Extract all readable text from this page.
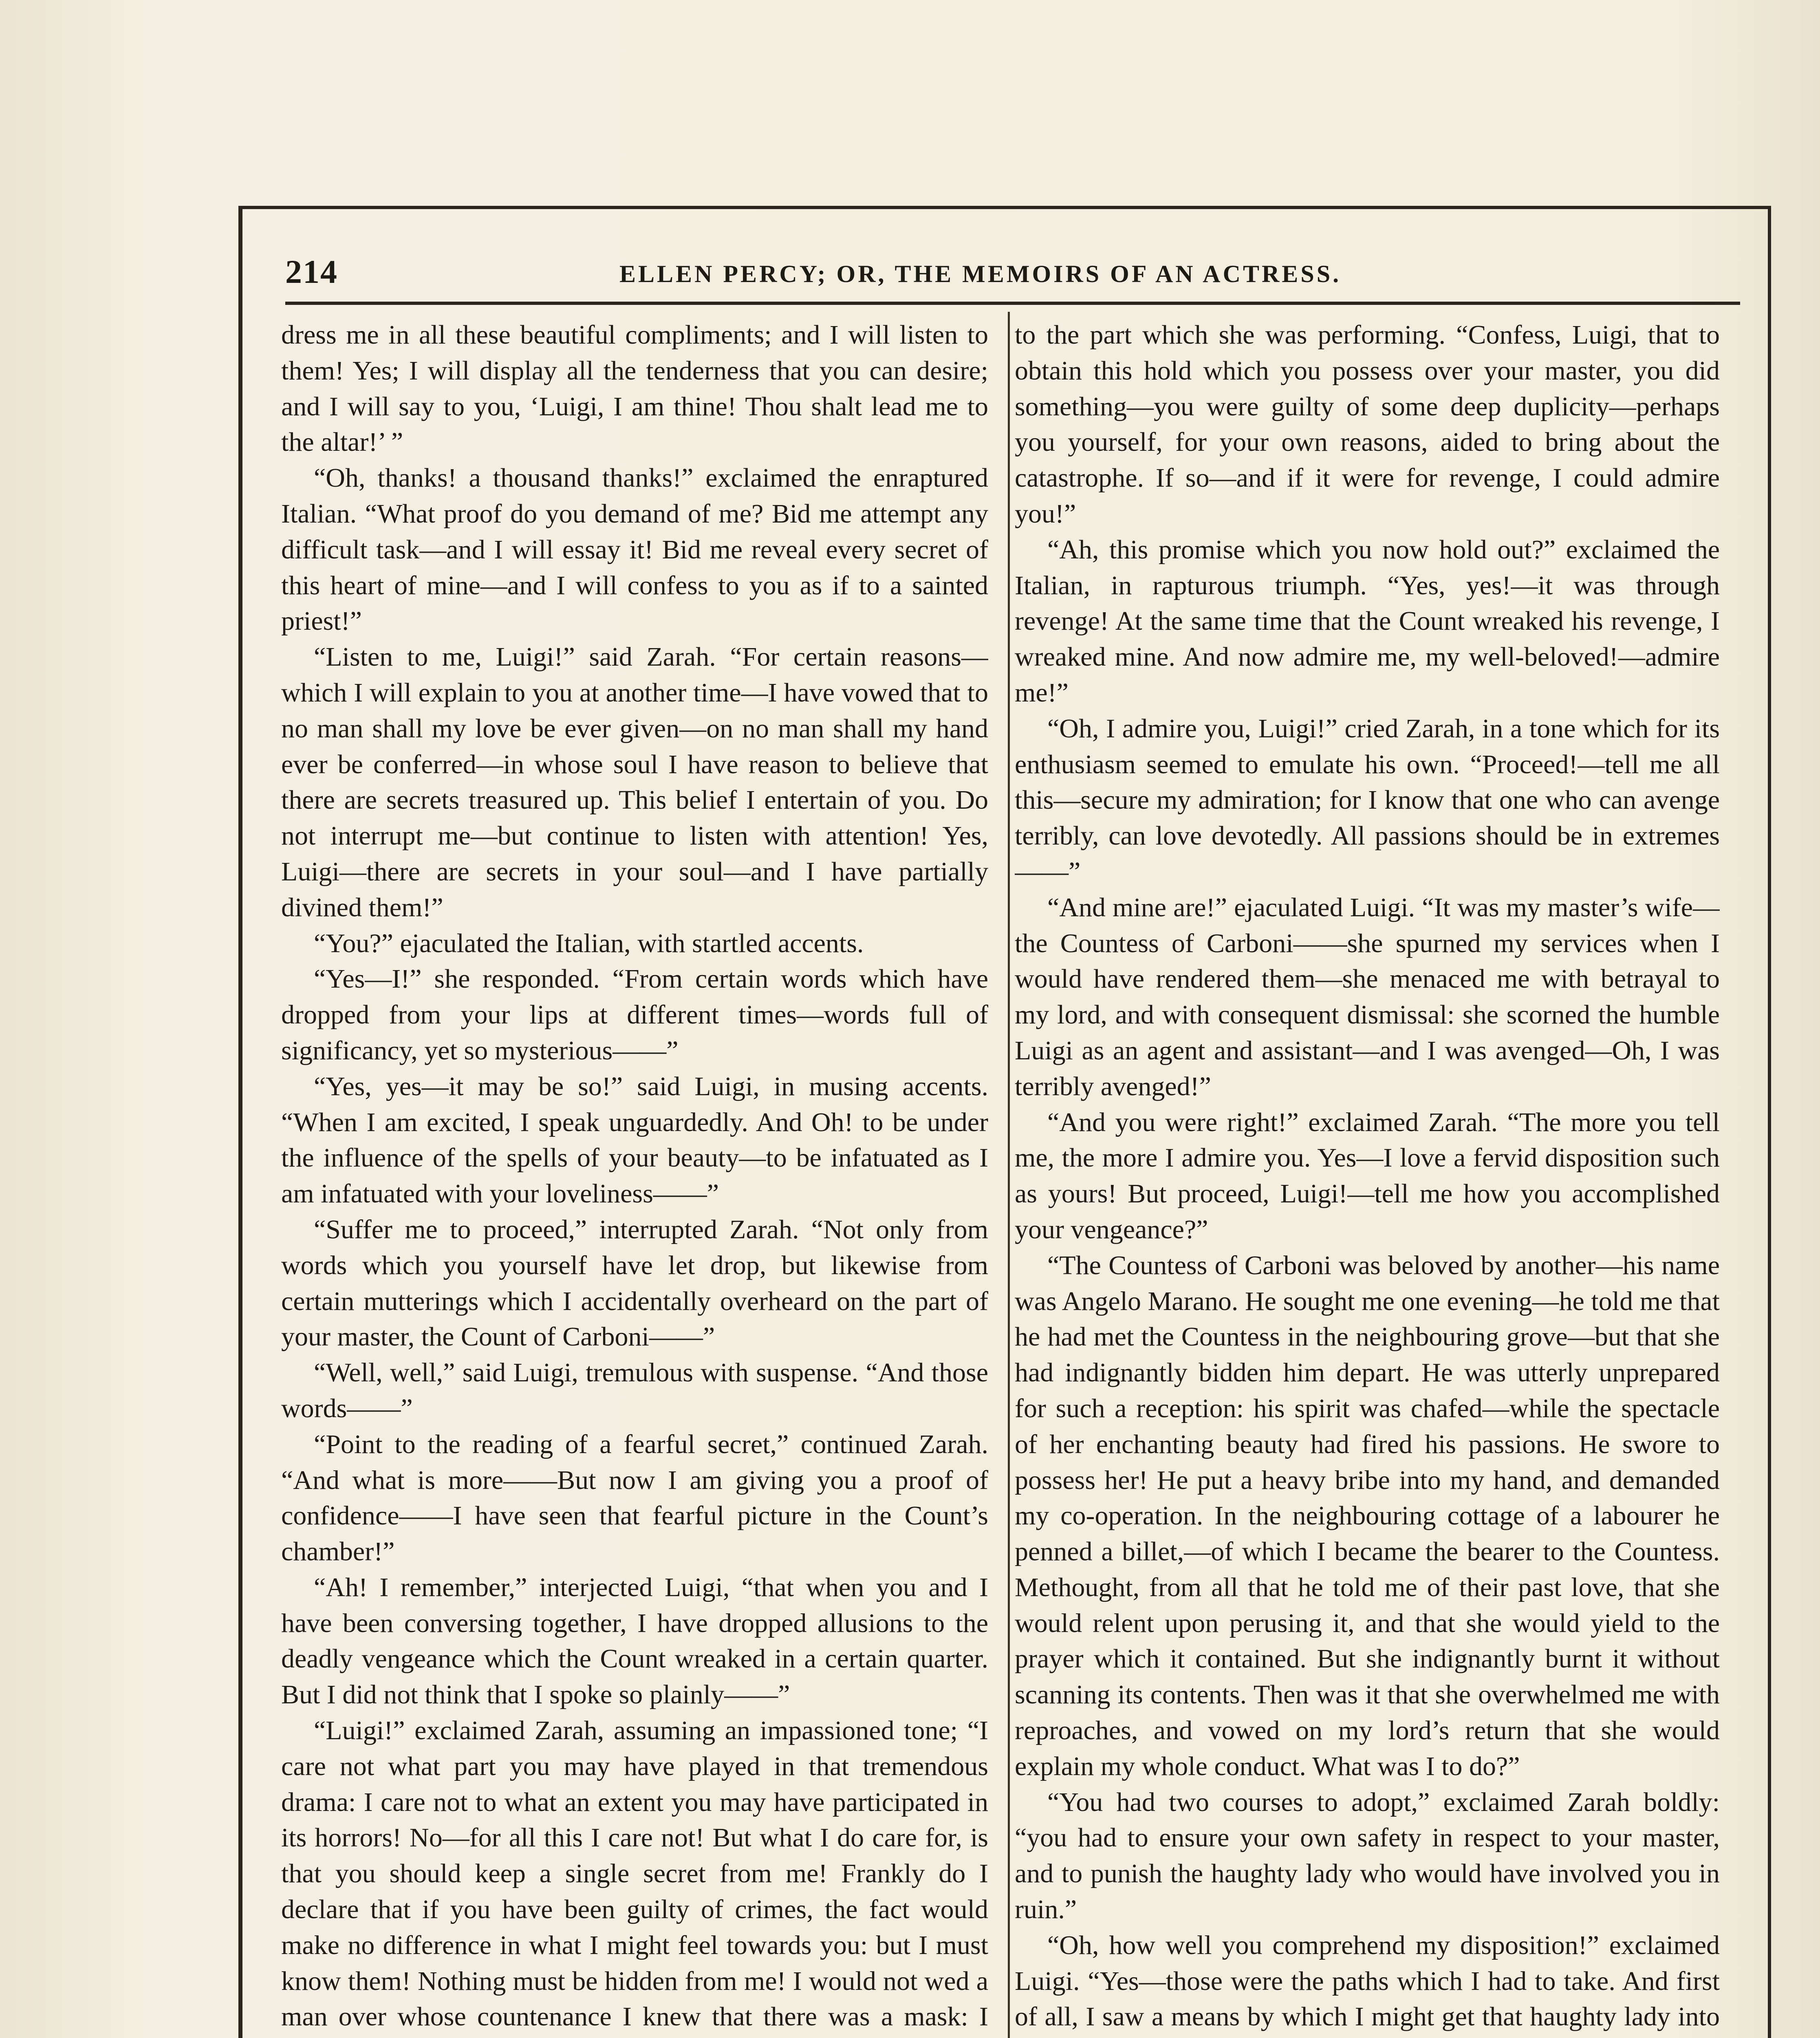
214	ELLEN PERCY; OR, THE MEMOIRS OF AN ACTRESS.

dress me in all these beautiful compliments; and I will listen to them! Yes; I will display all the tenderness that you can desire; and I will say to you, ‘Luigi, I am thine! Thou shalt lead me to the altar!’ ”

“Oh, thanks! a thousand thanks!” exclaimed the enraptured Italian. “What proof do you demand of me? Bid me attempt any difficult task—and I will essay it! Bid me reveal every secret of this heart of mine—and I will confess to you as if to a sainted priest!”

“Listen to me, Luigi!” said Zarah. “For certain reasons—which I will explain to you at another time—I have vowed that to no man shall my love be ever given—on no man shall my hand ever be conferred—in whose soul I have reason to believe that there are secrets treasured up. This belief I entertain of you. Do not interrupt me—but continue to listen with attention! Yes, Luigi—there are secrets in your soul—and I have partially divined them!”

“You?” ejaculated the Italian, with startled accents.

“Yes—I!” she responded. “From certain words which have dropped from your lips at different times—words full of significancy, yet so mysterious——”

“Yes, yes—it may be so!” said Luigi, in musing accents. “When I am excited, I speak unguardedly. And Oh! to be under the influence of the spells of your beauty—to be infatuated as I am infatuated with your loveliness——”

“Suffer me to proceed,” interrupted Zarah. “Not only from words which you yourself have let drop, but likewise from certain mutterings which I accidentally overheard on the part of your master, the Count of Carboni——”

“Well, well,” said Luigi, tremulous with suspense. “And those words——”

“Point to the reading of a fearful secret,” continued Zarah. “And what is more——But now I am giving you a proof of confidence——I have seen that fearful picture in the Count’s chamber!”

“Ah! I remember,” interjected Luigi, “that when you and I have been conversing together, I have dropped allusions to the deadly vengeance which the Count wreaked in a certain quarter. But I did not think that I spoke so plainly——”

“Luigi!” exclaimed Zarah, assuming an impassioned tone; “I care not what part you may have played in that tremendous drama: I care not to what an extent you may have participated in its horrors! No—for all this I care not! But what I do care for, is that you should keep a single secret from me! Frankly do I declare that if you have been guilty of crimes, the fact would make no difference in what I might feel towards you: but I must know them! Nothing must be hidden from me! I would not wed a man over whose countenance I knew that there was a mask: I

to the part which she was performing. “Confess, Luigi, that to obtain this hold which you possess over your master, you did something—you were guilty of some deep duplicity—perhaps you yourself, for your own reasons, aided to bring about the catastrophe. If so—and if it were for revenge, I could admire you!”

“Ah, this promise which you now hold out?” exclaimed the Italian, in rapturous triumph. “Yes, yes!—it was through revenge! At the same time that the Count wreaked his revenge, I wreaked mine. And now admire me, my well-beloved!—admire me!”

“Oh, I admire you, Luigi!” cried Zarah, in a tone which for its enthusiasm seemed to emulate his own. “Proceed!—tell me all this—secure my admiration; for I know that one who can avenge terribly, can love devotedly. All passions should be in extremes——”

“And mine are!” ejaculated Luigi. “It was my master’s wife—the Countess of Carboni——she spurned my services when I would have rendered them—she menaced me with betrayal to my lord, and with consequent dismissal: she scorned the humble Luigi as an agent and assistant—and I was avenged—Oh, I was terribly avenged!”

“And you were right!” exclaimed Zarah. “The more you tell me, the more I admire you. Yes—I love a fervid disposition such as yours! But proceed, Luigi!—tell me how you accomplished your vengeance?”

“The Countess of Carboni was beloved by another—his name was Angelo Marano. He sought me one evening—he told me that he had met the Countess in the neighbouring grove—but that she had indignantly bidden him depart. He was utterly unprepared for such a reception: his spirit was chafed—while the spectacle of her enchanting beauty had fired his passions. He swore to possess her! He put a heavy bribe into my hand, and demanded my co-operation. In the neighbouring cottage of a labourer he penned a billet,—of which I became the bearer to the Countess. Methought, from all that he told me of their past love, that she would relent upon perusing it, and that she would yield to the prayer which it contained. But she indignantly burnt it without scanning its contents. Then was it that she overwhelmed me with reproaches, and vowed on my lord’s return that she would explain my whole conduct. What was I to do?”

“You had two courses to adopt,” exclaimed Zarah boldly: “you had to ensure your own safety in respect to your master, and to punish the haughty lady who would have involved you in ruin.”

“Oh, how well you comprehend my disposition!” exclaimed Luigi. “Yes—those were the paths which I had to take. And first of all, I saw a means by which I might get that haughty lady into
